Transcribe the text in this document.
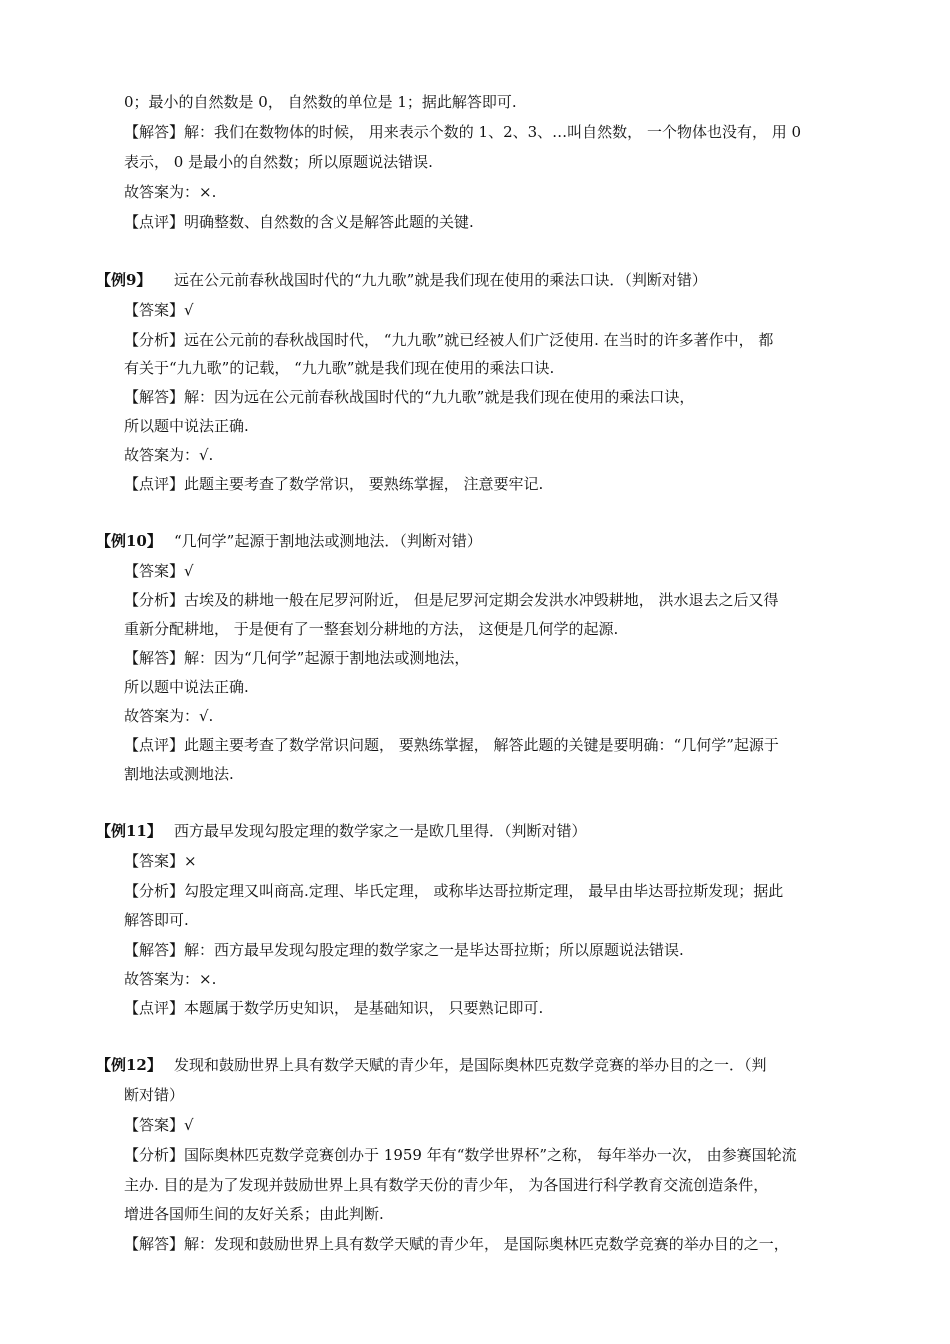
0；最小的自然数是 0， 自然数的单位是 1；据此解答即可.
【解答】解：我们在数物体的时候， 用来表示个数的 1、2、3、…叫自然数， 一个物体也没有， 用 0
表示， 0 是最小的自然数；所以原题说法错误.
故答案为：×.
【点评】明确整数、自然数的含义是解答此题的关键.
【例9】 远在公元前春秋战国时代的“九九歌”就是我们现在使用的乘法口诀．（判断对错）
【答案】√
【分析】远在公元前的春秋战国时代， “九九歌”就已经被人们广泛使用. 在当时的许多著作中， 都
有关于“九九歌”的记载， “九九歌”就是我们现在使用的乘法口诀.
【解答】解：因为远在公元前春秋战国时代的“九九歌”就是我们现在使用的乘法口诀，
所以题中说法正确.
故答案为：√.
【点评】此题主要考查了数学常识， 要熟练掌握， 注意要牢记.
【例10】 “几何学”起源于割地法或测地法．（判断对错）
【答案】√
【分析】古埃及的耕地一般在尼罗河附近， 但是尼罗河定期会发洪水冲毁耕地， 洪水退去之后又得
重新分配耕地， 于是便有了一整套划分耕地的方法， 这便是几何学的起源.
【解答】解：因为“几何学”起源于割地法或测地法，
所以题中说法正确.
故答案为：√.
【点评】此题主要考查了数学常识问题， 要熟练掌握， 解答此题的关键是要明确：“几何学”起源于
割地法或测地法.
【例11】 西方最早发现勾股定理的数学家之一是欧几里得．（判断对错）
【答案】×
【分析】勾股定理又叫商高.定理、毕氏定理， 或称毕达哥拉斯定理， 最早由毕达哥拉斯发现；据此
解答即可.
【解答】解：西方最早发现勾股定理的数学家之一是毕达哥拉斯；所以原题说法错误.
故答案为：×.
【点评】本题属于数学历史知识， 是基础知识， 只要熟记即可.
【例12】 发现和鼓励世界上具有数学天赋的青少年，是国际奥林匹克数学竞赛的举办目的之一．（判
断对错）
【答案】√
【分析】国际奥林匹克数学竞赛创办于 1959 年有“数学世界杯”之称， 每年举办一次， 由参赛国轮流
主办. 目的是为了发现并鼓励世界上具有数学天份的青少年， 为各国进行科学教育交流创造条件，
增进各国师生间的友好关系；由此判断.
【解答】解：发现和鼓励世界上具有数学天赋的青少年， 是国际奥林匹克数学竞赛的举办目的之一，
